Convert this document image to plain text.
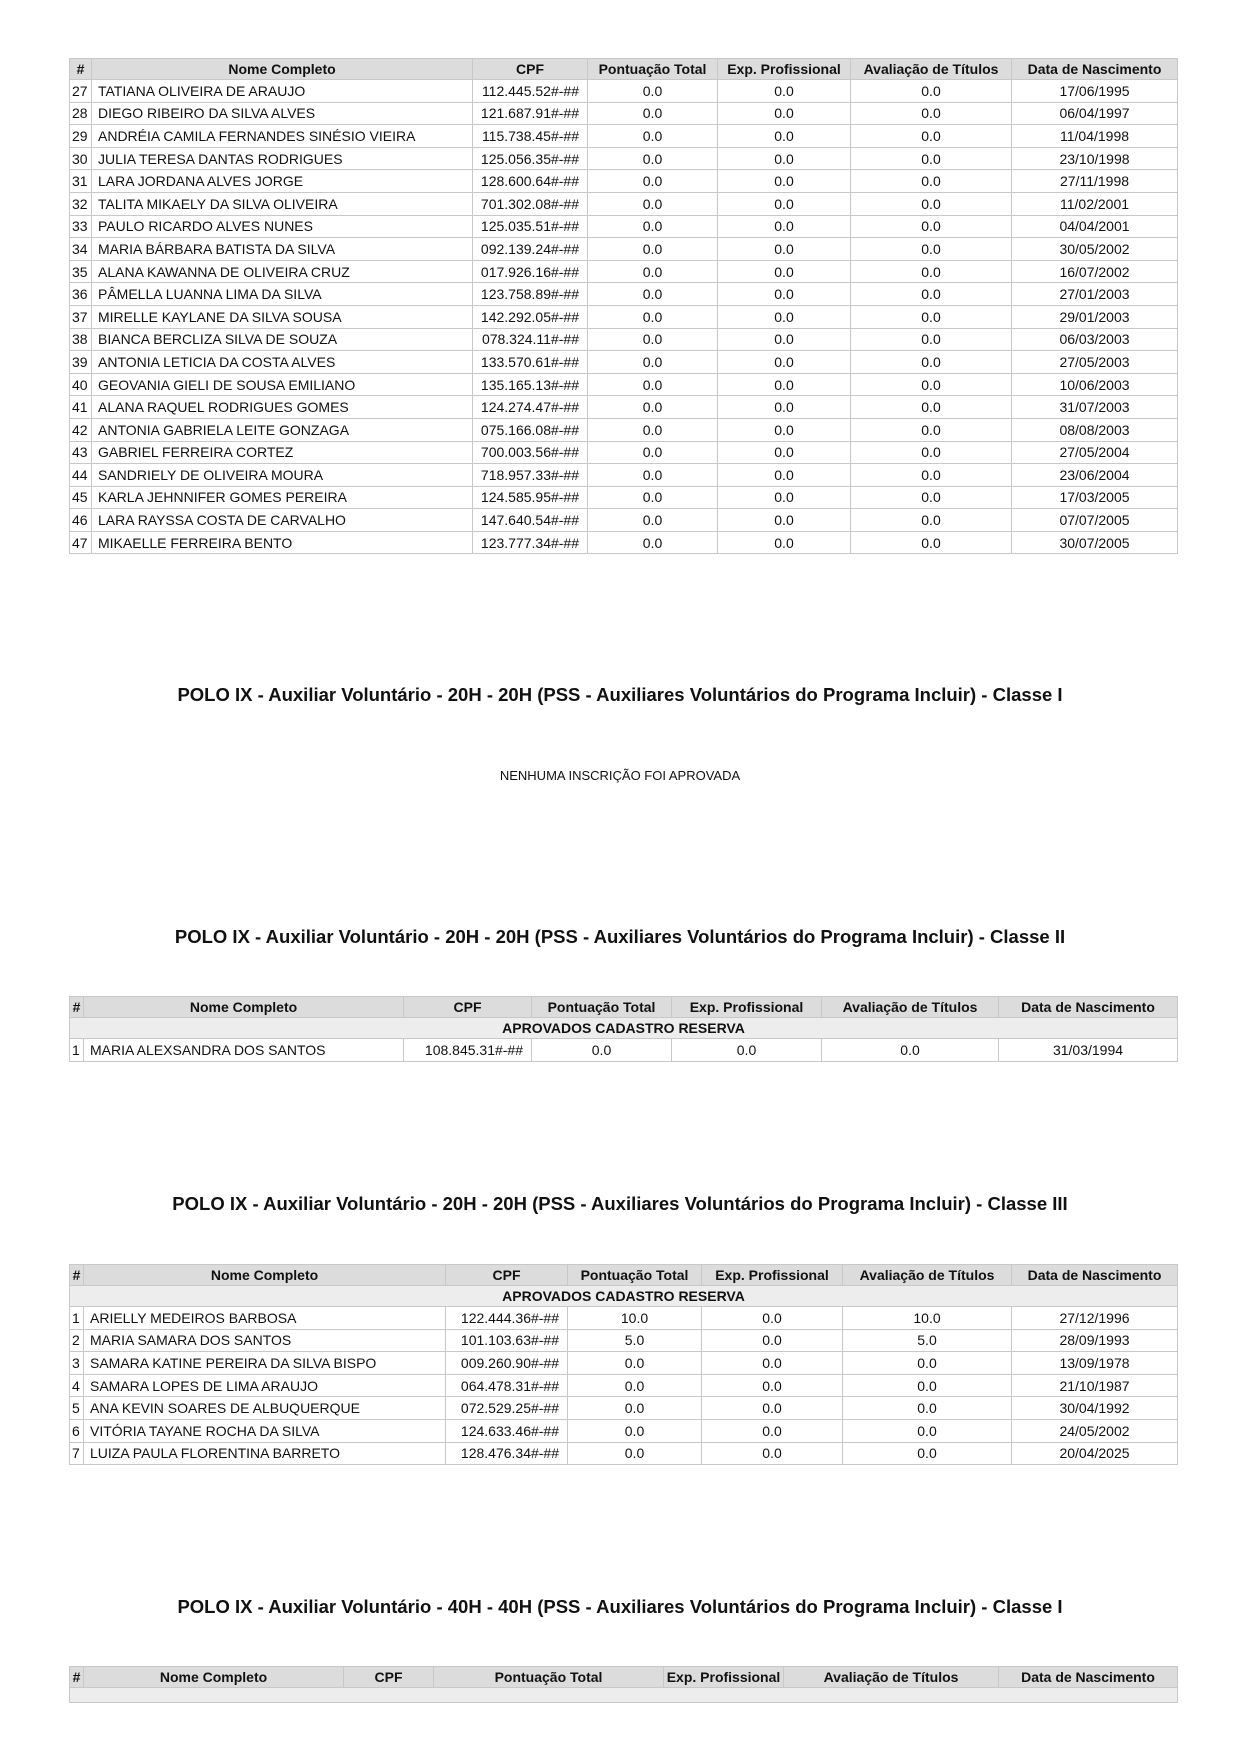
#	Nome Completo	CPF	Pontuação Total	Exp. Profissional	Avaliação de Títulos	Data de Nascimento
27	TATIANA OLIVEIRA DE ARAUJO	112.445.52#-##	0.0	0.0	0.0	17/06/1995
28	DIEGO RIBEIRO DA SILVA ALVES	121.687.91#-##	0.0	0.0	0.0	06/04/1997
29	ANDRÉIA CAMILA FERNANDES SINÉSIO VIEIRA	115.738.45#-##	0.0	0.0	0.0	11/04/1998
30	JULIA TERESA DANTAS RODRIGUES	125.056.35#-##	0.0	0.0	0.0	23/10/1998
31	LARA JORDANA ALVES JORGE	128.600.64#-##	0.0	0.0	0.0	27/11/1998
32	TALITA MIKAELY DA SILVA OLIVEIRA	701.302.08#-##	0.0	0.0	0.0	11/02/2001
33	PAULO RICARDO ALVES NUNES	125.035.51#-##	0.0	0.0	0.0	04/04/2001
34	MARIA BÁRBARA BATISTA DA SILVA	092.139.24#-##	0.0	0.0	0.0	30/05/2002
35	ALANA KAWANNA DE OLIVEIRA CRUZ	017.926.16#-##	0.0	0.0	0.0	16/07/2002
36	PÂMELLA LUANNA LIMA DA SILVA	123.758.89#-##	0.0	0.0	0.0	27/01/2003
37	MIRELLE KAYLANE DA SILVA SOUSA	142.292.05#-##	0.0	0.0	0.0	29/01/2003
38	BIANCA BERCLIZA SILVA DE SOUZA	078.324.11#-##	0.0	0.0	0.0	06/03/2003
39	ANTONIA LETICIA DA COSTA ALVES	133.570.61#-##	0.0	0.0	0.0	27/05/2003
40	GEOVANIA GIELI DE SOUSA EMILIANO	135.165.13#-##	0.0	0.0	0.0	10/06/2003
41	ALANA RAQUEL RODRIGUES GOMES	124.274.47#-##	0.0	0.0	0.0	31/07/2003
42	ANTONIA GABRIELA LEITE GONZAGA	075.166.08#-##	0.0	0.0	0.0	08/08/2003
43	GABRIEL FERREIRA CORTEZ	700.003.56#-##	0.0	0.0	0.0	27/05/2004
44	SANDRIELY DE OLIVEIRA MOURA	718.957.33#-##	0.0	0.0	0.0	23/06/2004
45	KARLA JEHNNIFER GOMES PEREIRA	124.585.95#-##	0.0	0.0	0.0	17/03/2005
46	LARA RAYSSA COSTA DE CARVALHO	147.640.54#-##	0.0	0.0	0.0	07/07/2005
47	MIKAELLE FERREIRA BENTO	123.777.34#-##	0.0	0.0	0.0	30/07/2005
POLO IX - Auxiliar Voluntário - 20H - 20H (PSS - Auxiliares Voluntários do Programa Incluir) - Classe I
NENHUMA INSCRIÇÃO FOI APROVADA
POLO IX - Auxiliar Voluntário - 20H - 20H (PSS - Auxiliares Voluntários do Programa Incluir) - Classe II
#	Nome Completo	CPF	Pontuação Total	Exp. Profissional	Avaliação de Títulos	Data de Nascimento
APROVADOS CADASTRO RESERVA						
1	MARIA ALEXSANDRA DOS SANTOS	108.845.31#-##	0.0	0.0	0.0	31/03/1994
POLO IX - Auxiliar Voluntário - 20H - 20H (PSS - Auxiliares Voluntários do Programa Incluir) - Classe III
#	Nome Completo	CPF	Pontuação Total	Exp. Profissional	Avaliação de Títulos	Data de Nascimento
APROVADOS CADASTRO RESERVA						
1	ARIELLY MEDEIROS BARBOSA	122.444.36#-##	10.0	0.0	10.0	27/12/1996
2	MARIA SAMARA DOS SANTOS	101.103.63#-##	5.0	0.0	5.0	28/09/1993
3	SAMARA KATINE PEREIRA DA SILVA BISPO	009.260.90#-##	0.0	0.0	0.0	13/09/1978
4	SAMARA LOPES DE LIMA ARAUJO	064.478.31#-##	0.0	0.0	0.0	21/10/1987
5	ANA KEVIN SOARES DE ALBUQUERQUE	072.529.25#-##	0.0	0.0	0.0	30/04/1992
6	VITÓRIA TAYANE ROCHA DA SILVA	124.633.46#-##	0.0	0.0	0.0	24/05/2002
7	LUIZA PAULA FLORENTINA BARRETO	128.476.34#-##	0.0	0.0	0.0	20/04/2025
POLO IX - Auxiliar Voluntário - 40H - 40H (PSS - Auxiliares Voluntários do Programa Incluir) - Classe I
#	Nome Completo	CPF	Pontuação Total	Exp. Profissional	Avaliação de Títulos	Data de Nascimento
